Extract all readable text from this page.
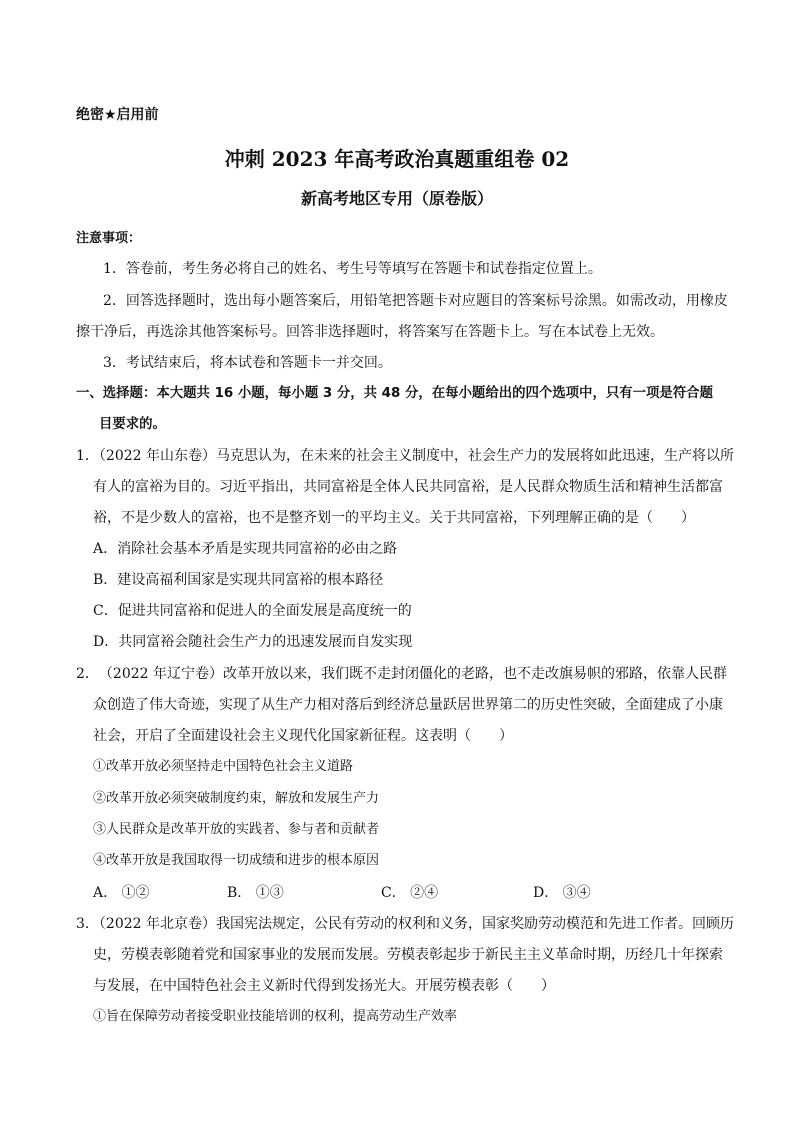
绝密★启用前
冲刺 2023 年高考政治真题重组卷 02
新高考地区专用（原卷版）
注意事项：
1．答卷前，考生务必将自己的姓名、考生号等填写在答题卡和试卷指定位置上。
2．回答选择题时，选出每小题答案后，用铅笔把答题卡对应题目的答案标号涂黑。如需改动，用橡皮
擦干净后，再选涂其他答案标号。回答非选择题时，将答案写在答题卡上。写在本试卷上无效。
3．考试结束后，将本试卷和答题卡一并交回。
一、选择题：本大题共 16 小题，每小题 3 分，共 48 分，在每小题给出的四个选项中，只有一项是符合题
目要求的。
1．（2022 年山东卷）马克思认为，在未来的社会主义制度中，社会生产力的发展将如此迅速，生产将以所
有人的富裕为目的。习近平指出，共同富裕是全体人民共同富裕，是人民群众物质生活和精神生活都富
裕，不是少数人的富裕，也不是整齐划一的平均主义。关于共同富裕，下列理解正确的是（　　）
A．消除社会基本矛盾是实现共同富裕的必由之路
B．建设高福利国家是实现共同富裕的根本路径
C．促进共同富裕和促进人的全面发展是高度统一的
D．共同富裕会随社会生产力的迅速发展而自发实现
2．　（2022 年辽宁卷）改革开放以来，我们既不走封闭僵化的老路，也不走改旗易帜的邪路，依靠人民群
众创造了伟大奇迹，实现了从生产力相对落后到经济总量跃居世界第二的历史性突破，全面建成了小康
社会，开启了全面建设社会主义现代化国家新征程。这表明（　　）
①改革开放必须坚持走中国特色社会主义道路
②改革开放必须突破制度约束，解放和发展生产力
③人民群众是改革开放的实践者、参与者和贡献者
④改革开放是我国取得一切成绩和进步的根本原因
A． ①②	B． ①③	C． ②④	D． ③④
3．（2022 年北京卷）我国宪法规定，公民有劳动的权利和义务，国家奖励劳动模范和先进工作者。回顾历
史，劳模表彰随着党和国家事业的发展而发展。劳模表彰起步于新民主主义革命时期，历经几十年探索
与发展，在中国特色社会主义新时代得到发扬光大。开展劳模表彰（　　）
①旨在保障劳动者接受职业技能培训的权利，提高劳动生产效率
